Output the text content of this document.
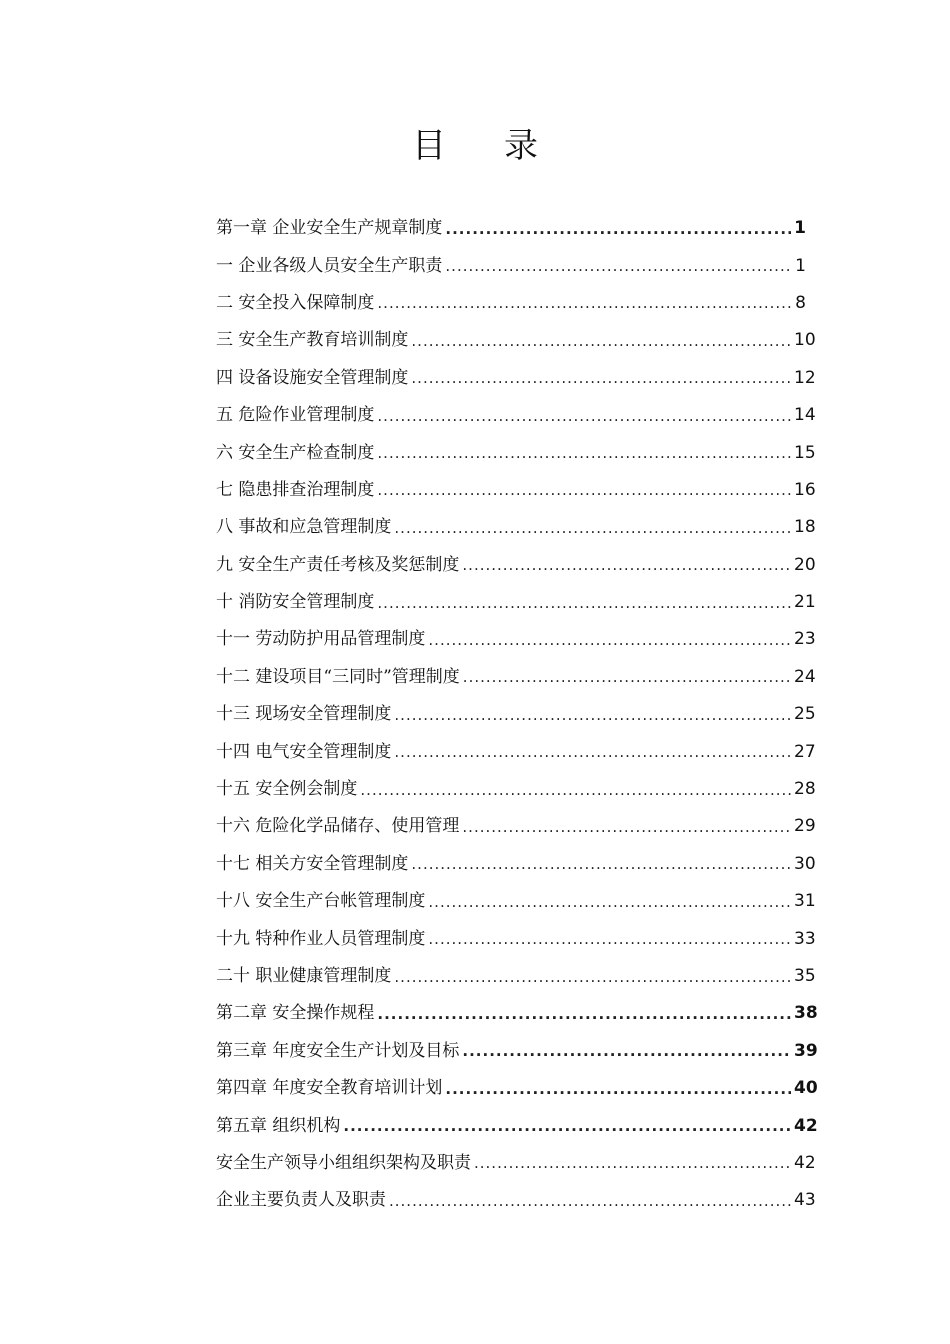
目 录
第一章 企业安全生产规章制度 .....	1
一 企业各级人员安全生产职责 .....	1
二 安全投入保障制度 .....	8
三 安全生产教育培训制度 .....	10
四 设备设施安全管理制度 .....	12
五 危险作业管理制度 .....	14
六 安全生产检查制度 .....	15
七 隐患排查治理制度 .....	16
八 事故和应急管理制度 .....	18
九 安全生产责任考核及奖惩制度 .....	20
十 消防安全管理制度 .....	21
十一 劳动防护用品管理制度 .....	23
十二 建设项目“三同时”管理制度 .....	24
十三 现场安全管理制度 .....	25
十四 电气安全管理制度 .....	27
十五 安全例会制度 .....	28
十六 危险化学品储存、使用管理 .....	29
十七 相关方安全管理制度 .....	30
十八 安全生产台帐管理制度 .....	31
十九 特种作业人员管理制度 .....	33
二十 职业健康管理制度 .....	35
第二章 安全操作规程 .....	38
第三章 年度安全生产计划及目标 .....	39
第四章 年度安全教育培训计划 .....	40
第五章 组织机构 .....	42
安全生产领导小组组织架构及职责 .....	42
企业主要负责人及职责 .....	43
